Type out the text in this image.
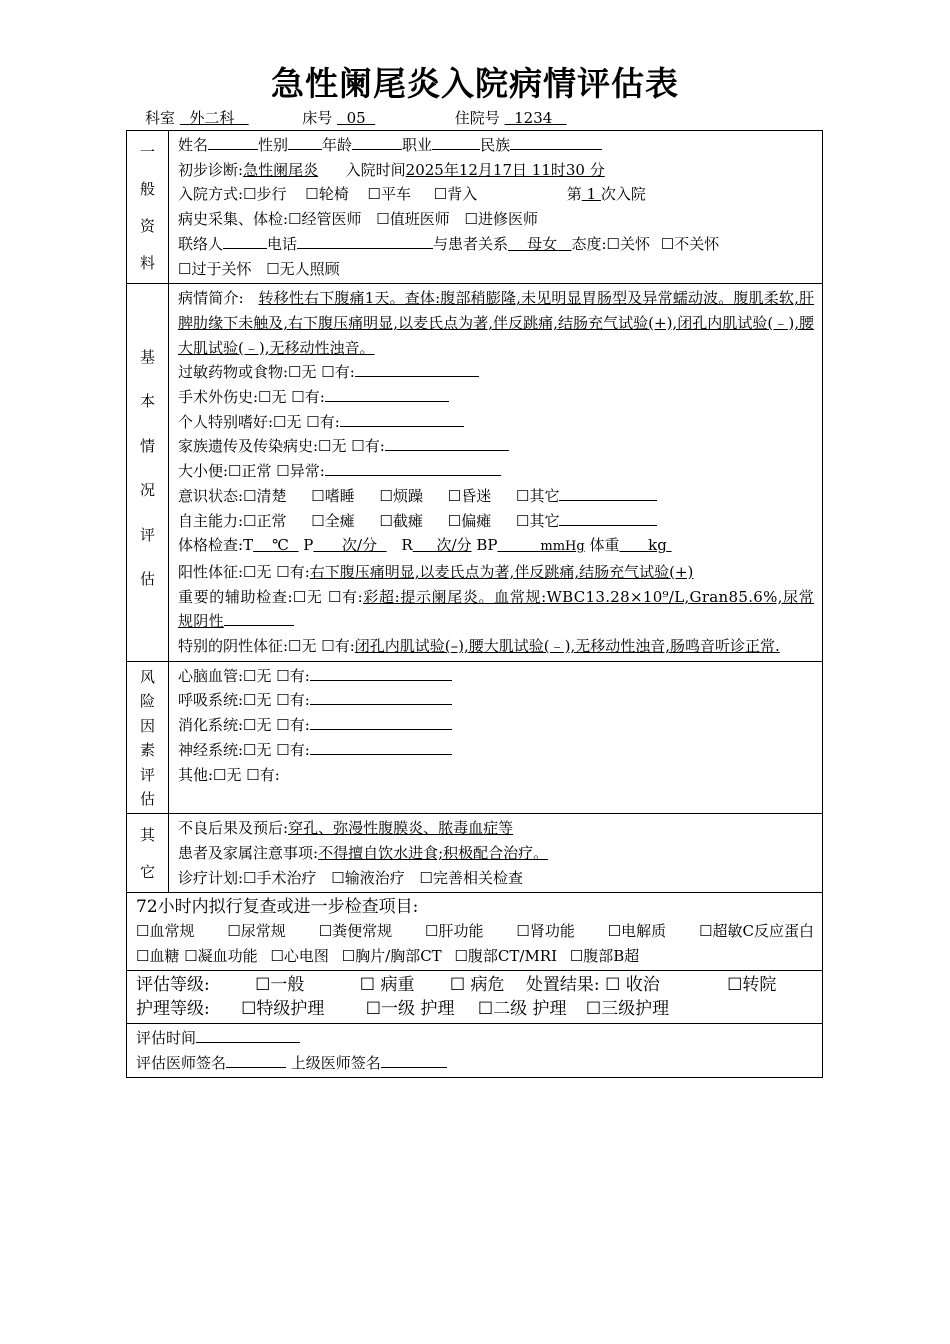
急性阑尾炎入院病情评估表
科室 外二科	床号 05	住院号 1234
一
般
资
料
姓名	性别 年龄	职业	民族
初步诊断:急性阑尾炎 入院时间2025年12月17日 11时30 分
入院方式:☐步行 ☐轮椅 ☐平车 ☐背入	第 1 次入院
病史采集、体检:☐经管医师 ☐值班医师 ☐进修医师
联络人	电话	与患者关系 母女 态度:☐关怀 ☐不关怀
☐过于关怀 ☐无人照顾
基
本
情
况
评
估
病情简介: 转移性右下腹痛1天。查体:腹部稍膨隆,未见明显胃肠型及异常蠕动波。腹肌柔软,肝脾肋缘下未触及,右下腹压痛明显,以麦氏点为著,伴反跳痛,结肠充气试验(+),闭孔内肌试验(﹣),腰大肌试验(﹣),无移动性浊音。
过敏药物或食物:☐无 ☐有:
手术外伤史:☐无 ☐有:
个人特别嗜好:☐无 ☐有:
家族遗传及传染病史:☐无 ☐有:
大小便:☐正常 ☐异常:
意识状态:☐清楚 ☐嗜睡 ☐烦躁 ☐昏迷 ☐其它
自主能力:☐正常 ☐全瘫 ☐截瘫 ☐偏瘫 ☐其它
体格检查:T ℃ P 次/分 R 次/分 BP	mmHg 体重 kg
阳性体征:☐无 ☐有:右下腹压痛明显,以麦氏点为著,伴反跳痛,结肠充气试验(+)
重要的辅助检查:☐无 ☐有:彩超:提示阑尾炎。血常规:WBC13.28×10⁹/L,Gran85.6%,尿常规阴性
特别的阴性体征:☐无 ☐有:闭孔内肌试验(–),腰大肌试验(﹣),无移动性浊音,肠鸣音听诊正常.
风
险
因
素
评
估
心脑血管:☐无 ☐有:
呼吸系统:☐无 ☐有:
消化系统:☐无 ☐有:
神经系统:☐无 ☐有:
其他:☐无 ☐有:
其
它
不良后果及预后:穿孔、弥漫性腹膜炎、脓毒血症等
患者及家属注意事项:不得擅自饮水进食;积极配合治疗。
诊疗计划:☐手术治疗 ☐输液治疗 ☐完善相关检查
72小时内拟行复查或进一步检查项目:
☐血常规 ☐尿常规 ☐粪便常规 ☐肝功能 ☐肾功能 ☐电解质 ☐超敏C反应蛋白
☐血糖 ☐凝血功能 ☐心电图 ☐胸片/胸部CT ☐腹部CT/MRI ☐腹部B超
评估等级:	☐一般	☐ 病重 ☐ 病危 处置结果: ☐ 收治	☐转院
护理等级: ☐特级护理 ☐一级 护理 ☐二级 护理 ☐三级护理
评估时间
评估医师签名	上级医师签名
